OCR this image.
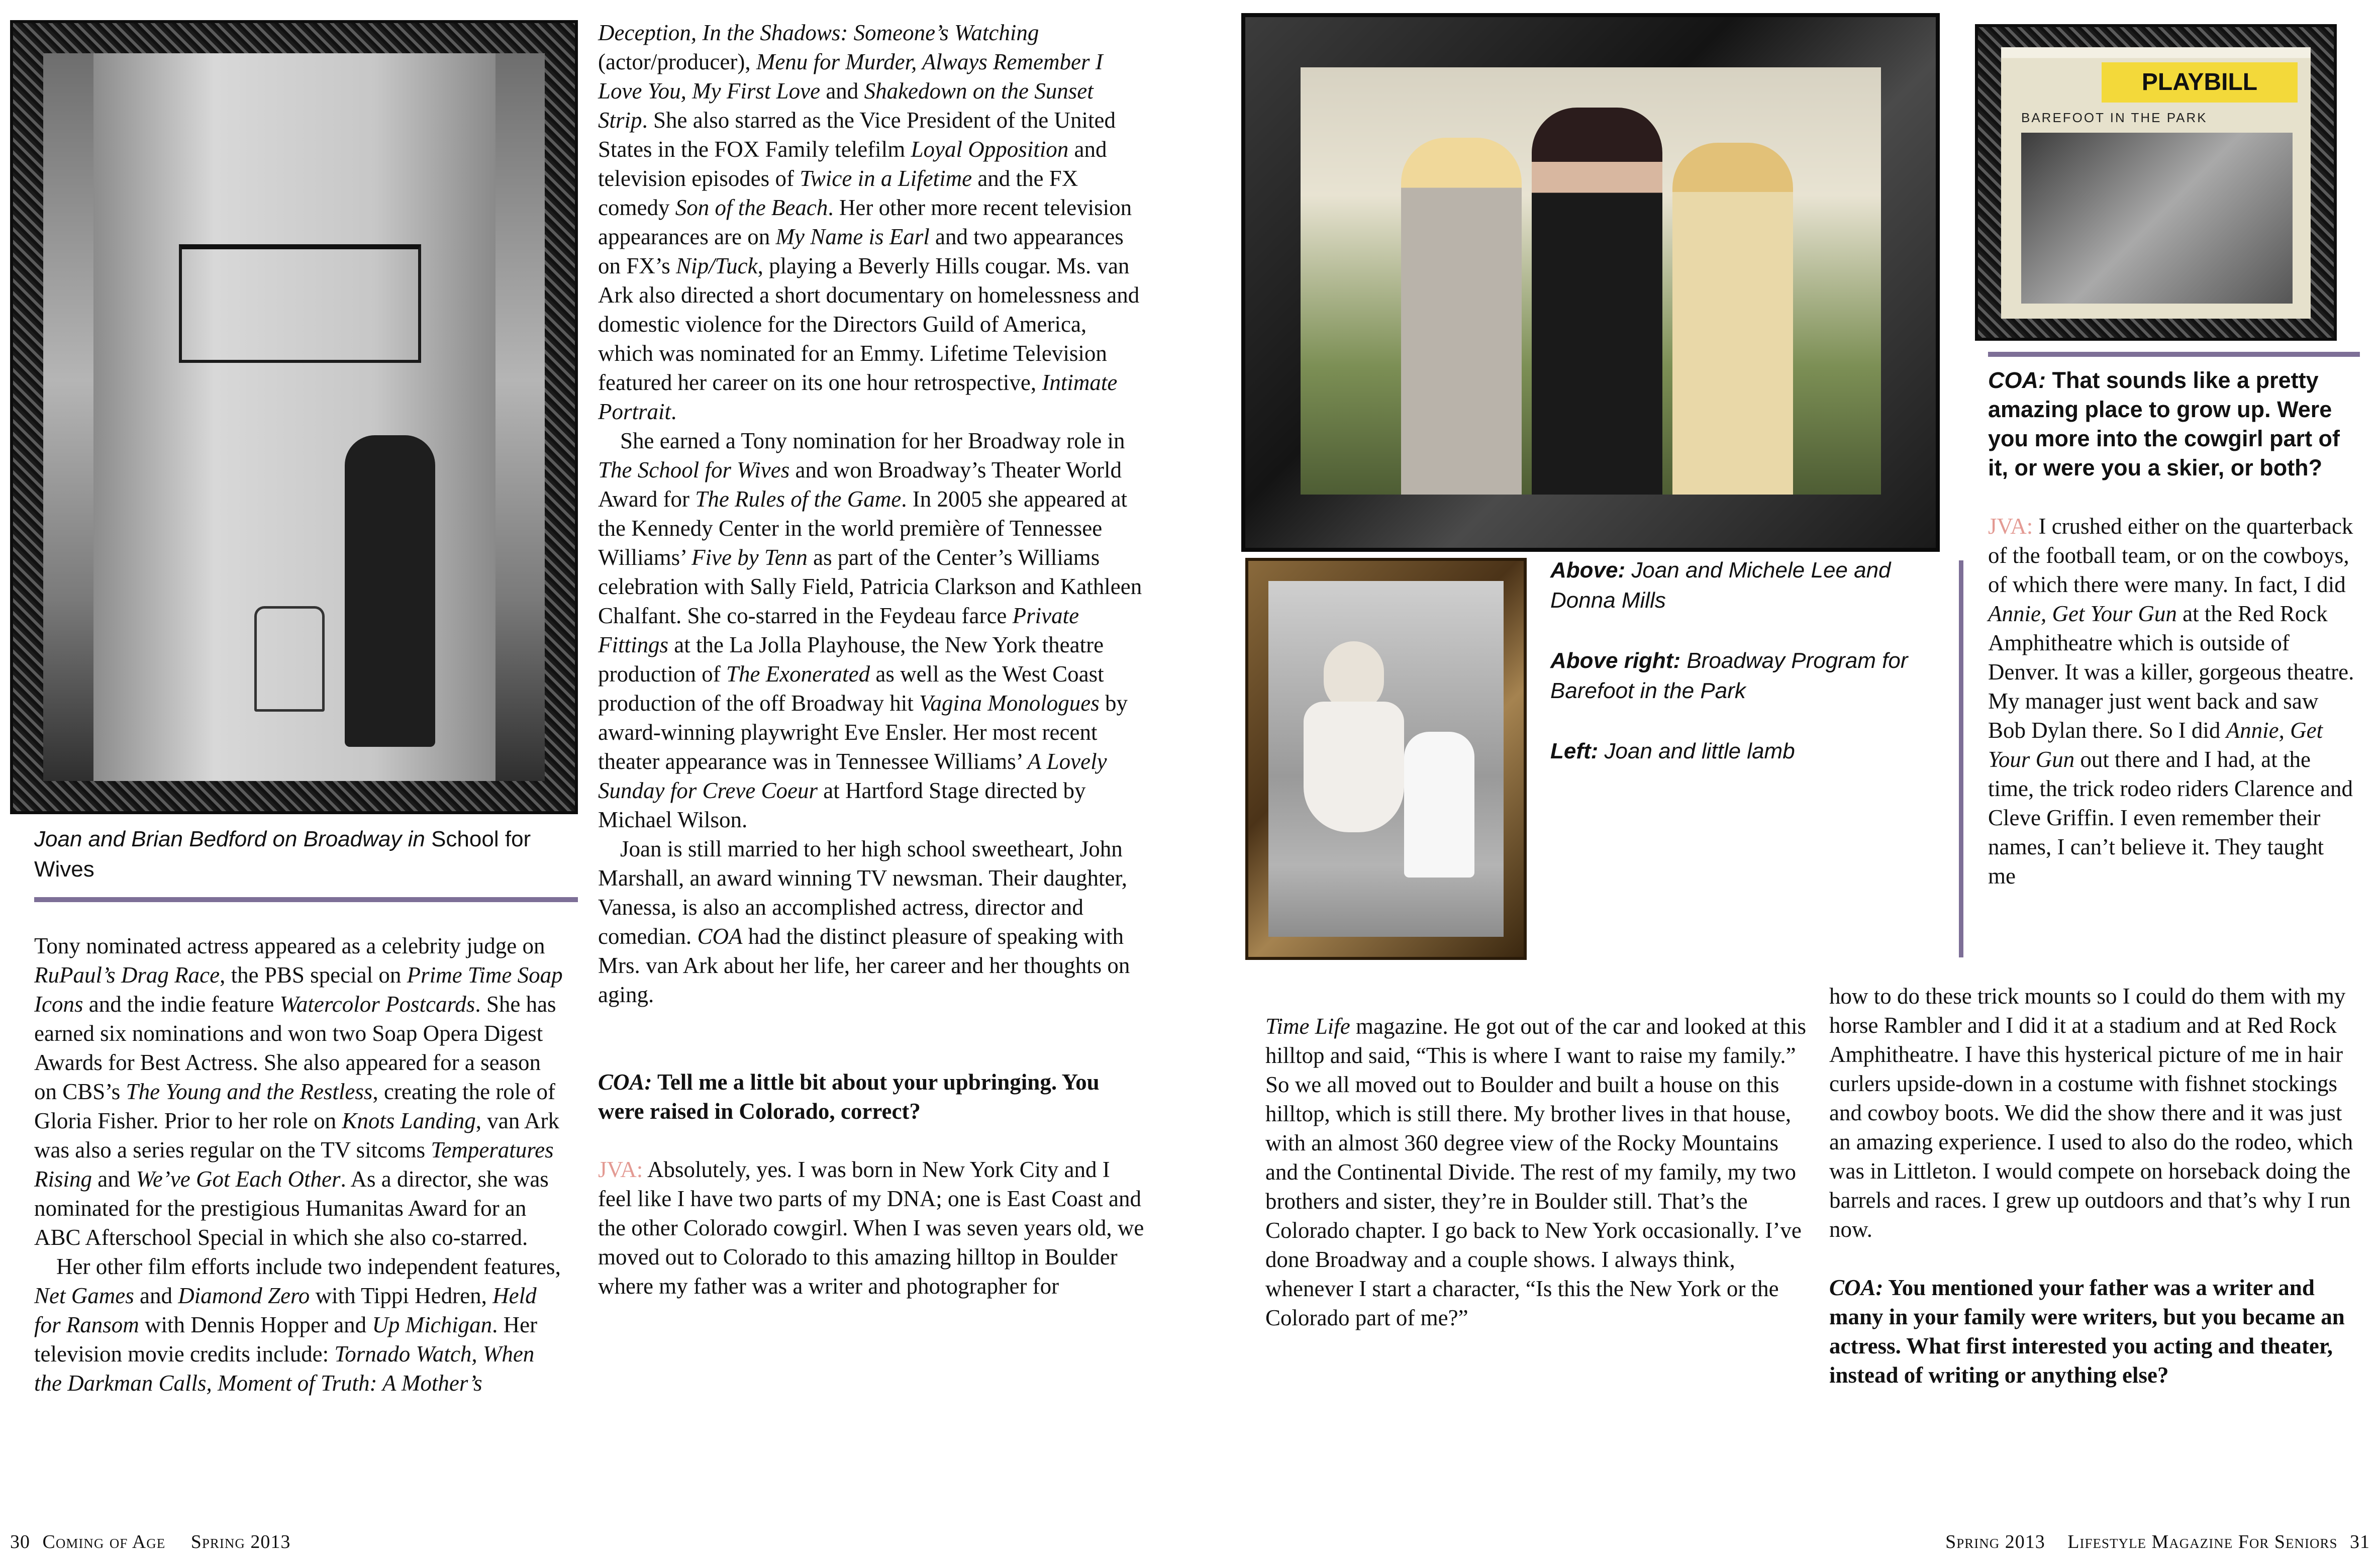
Joan and Brian Bedford on Broadway in School for Wives

Tony nominated actress appeared as a celebrity judge on RuPaul’s Drag Race, the PBS special on Prime Time Soap Icons and the indie feature Watercolor Postcards. She has earned six nominations and won two Soap Opera Digest Awards for Best Actress. She also appeared for a season on CBS’s The Young and the Restless, creating the role of Gloria Fisher. Prior to her role on Knots Landing, van Ark was also a series regular on the TV sitcoms Temperatures Rising and We’ve Got Each Other. As a director, she was nominated for the prestigious Humanitas Award for an ABC Afterschool Special in which she also co-starred.

Her other film efforts include two independent features, Net Games and Diamond Zero with Tippi Hedren, Held for Ransom with Dennis Hopper and Up Michigan. Her television movie credits include: Tornado Watch, When the Darkman Calls, Moment of Truth: A Mother’s

Deception, In the Shadows: Someone’s Watching (actor/producer), Menu for Murder, Always Remember I Love You, My First Love and Shakedown on the Sunset Strip. She also starred as the Vice President of the United States in the FOX Family telefilm Loyal Opposition and television episodes of Twice in a Lifetime and the FX comedy Son of the Beach. Her other more recent television appearances are on My Name is Earl and two appearances on FX’s Nip/Tuck, playing a Beverly Hills cougar. Ms. van Ark also directed a short documentary on homelessness and domestic violence for the Directors Guild of America, which was nominated for an Emmy. Lifetime Television featured her career on its one hour retrospective, Intimate Portrait.

She earned a Tony nomination for her Broadway role in The School for Wives and won Broadway’s Theater World Award for The Rules of the Game. In 2005 she appeared at the Kennedy Center in the world première of Tennessee Williams’ Five by Tenn as part of the Center’s Williams celebration with Sally Field, Patricia Clarkson and Kathleen Chalfant. She co-starred in the Feydeau farce Private Fittings at the La Jolla Playhouse, the New York theatre production of The Exonerated as well as the West Coast production of the off Broadway hit Vagina Monologues by award-winning playwright Eve Ensler. Her most recent theater appearance was in Tennessee Williams’ A Lovely Sunday for Creve Coeur at Hartford Stage directed by Michael Wilson.

Joan is still married to her high school sweetheart, John Marshall, an award winning TV newsman. Their daughter, Vanessa, is also an accomplished actress, director and comedian. COA had the distinct pleasure of speaking with Mrs. van Ark about her life, her career and her thoughts on aging.

COA: Tell me a little bit about your upbringing. You were raised in Colorado, correct?

JVA: Absolutely, yes. I was born in New York City and I feel like I have two parts of my DNA; one is East Coast and the other Colorado cowgirl. When I was seven years old, we moved out to Colorado to this amazing hilltop in Boulder where my father was a writer and photographer for

30 Coming of Age Spring 2013
PLAYBILL
BAREFOOT IN THE PARK

COA: That sounds like a pretty amazing place to grow up. Were you more into the cowgirl part of it, or were you a skier, or both?

JVA: I crushed either on the quarterback of the football team, or on the cowboys, of which there were many. In fact, I did Annie, Get Your Gun at the Red Rock Amphitheatre which is outside of Denver. It was a killer, gorgeous theatre. My manager just went back and saw Bob Dylan there. So I did Annie, Get Your Gun out there and I had, at the time, the trick rodeo riders Clarence and Cleve Griffin. I even remember their names, I can’t believe it. They taught me

Above: Joan and Michele Lee and Donna Mills
Above right: Broadway Program for Barefoot in the Park
Left: Joan and little lamb

Time Life magazine. He got out of the car and looked at this hilltop and said, “This is where I want to raise my family.” So we all moved out to Boulder and built a house on this hilltop, which is still there. My brother lives in that house, with an almost 360 degree view of the Rocky Mountains and the Continental Divide. The rest of my family, my two brothers and sister, they’re in Boulder still. That’s the Colorado chapter. I go back to New York occasionally. I’ve done Broadway and a couple shows. I always think, whenever I start a character, “Is this the New York or the Colorado part of me?”

how to do these trick mounts so I could do them with my horse Rambler and I did it at a stadium and at Red Rock Amphitheatre. I have this hysterical picture of me in hair curlers upside-down in a costume with fishnet stockings and cowboy boots. We did the show there and it was just an amazing experience. I used to also do the rodeo, which was in Littleton. I would compete on horseback doing the barrels and races. I grew up outdoors and that’s why I run now.

COA: You mentioned your father was a writer and many in your family were writers, but you became an actress. What first interested you acting and theater, instead of writing or anything else?

Spring 2013 Lifestyle Magazine For Seniors 31
